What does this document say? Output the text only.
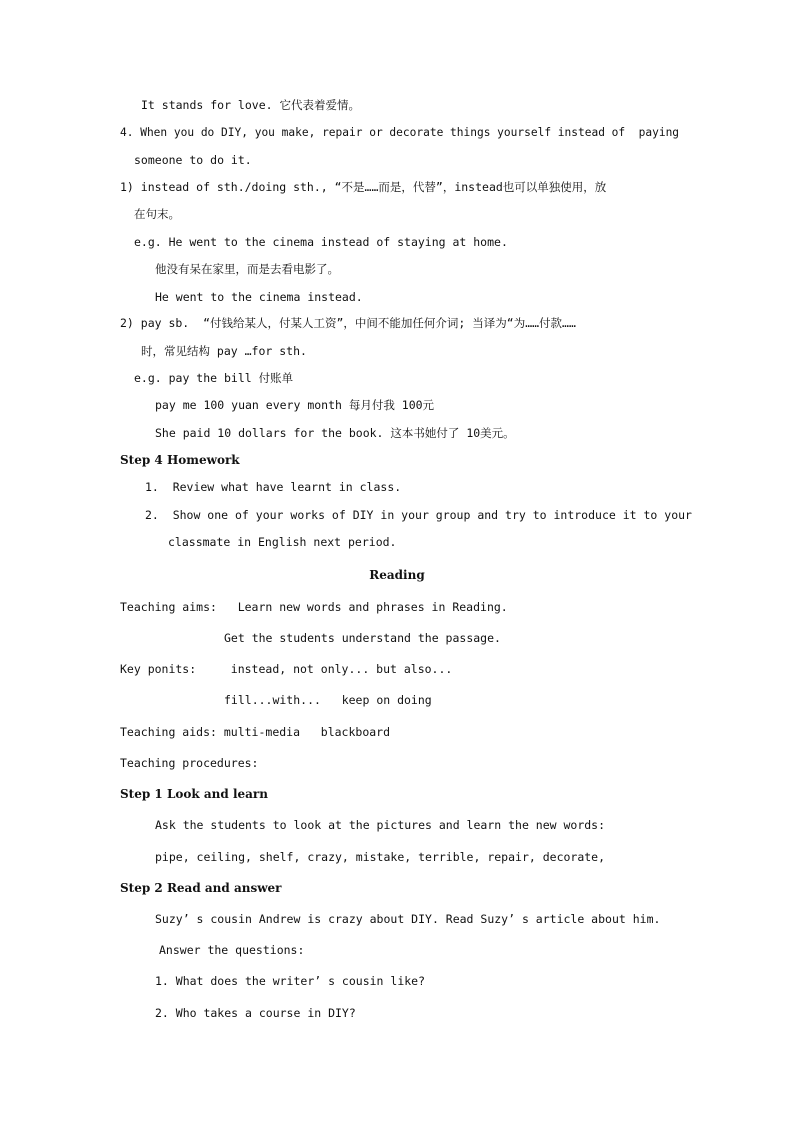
It stands for love. 它代表着爱情。
4. When you do DIY, you make, repair or decorate things yourself instead of  paying
someone to do it.
1) instead of sth./doing sth., “不是……而是，代替”，instead也可以单独使用，放
在句末。
e.g. He went to the cinema instead of staying at home.
他没有呆在家里，而是去看电影了。
He went to the cinema instead.
2) pay sb.  “付钱给某人，付某人工资”，中间不能加任何介词; 当译为“为……付款……
时，常见结构 pay …for sth.
e.g. pay the bill 付账单
pay me 100 yuan every month 每月付我 100元
She paid 10 dollars for the book. 这本书她付了 10美元。
Step 4 Homework
1.  Review what have learnt in class.
2.  Show one of your works of DIY in your group and try to introduce it to your
classmate in English next period.
Reading
Teaching aims:   Learn new words and phrases in Reading.
Get the students understand the passage.
Key ponits:     instead, not only... but also...
fill...with...   keep on doing
Teaching aids: multi-media   blackboard
Teaching procedures:
Step 1 Look and learn
Ask the students to look at the pictures and learn the new words:
pipe, ceiling, shelf, crazy, mistake, terrible, repair, decorate,
Step 2 Read and answer
Suzy’ s cousin Andrew is crazy about DIY. Read Suzy’ s article about him.
Answer the questions:
1. What does the writer’ s cousin like?
2. Who takes a course in DIY?
